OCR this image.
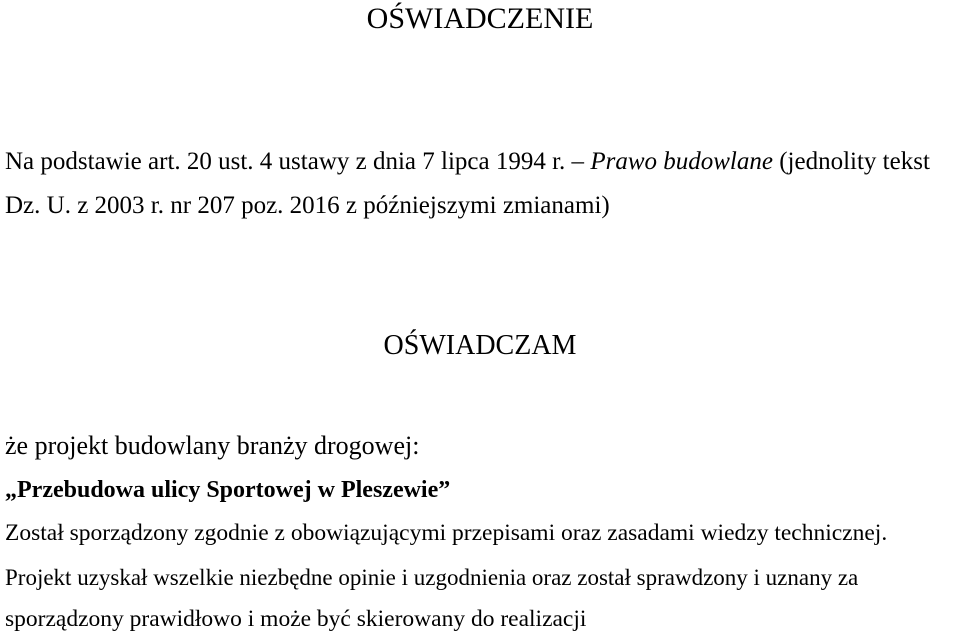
OŚWIADCZENIE
Na podstawie art. 20 ust. 4 ustawy z dnia 7 lipca 1994 r. – Prawo budowlane (jednolity tekst
Dz. U. z 2003 r. nr 207 poz. 2016 z późniejszymi zmianami)
OŚWIADCZAM
że projekt budowlany branży drogowej:
„Przebudowa ulicy Sportowej w Pleszewie”
Został sporządzony zgodnie z obowiązującymi przepisami oraz zasadami wiedzy technicznej.
Projekt uzyskał wszelkie niezbędne opinie i uzgodnienia oraz został sprawdzony i uznany za
sporządzony prawidłowo i może być skierowany do realizacji
